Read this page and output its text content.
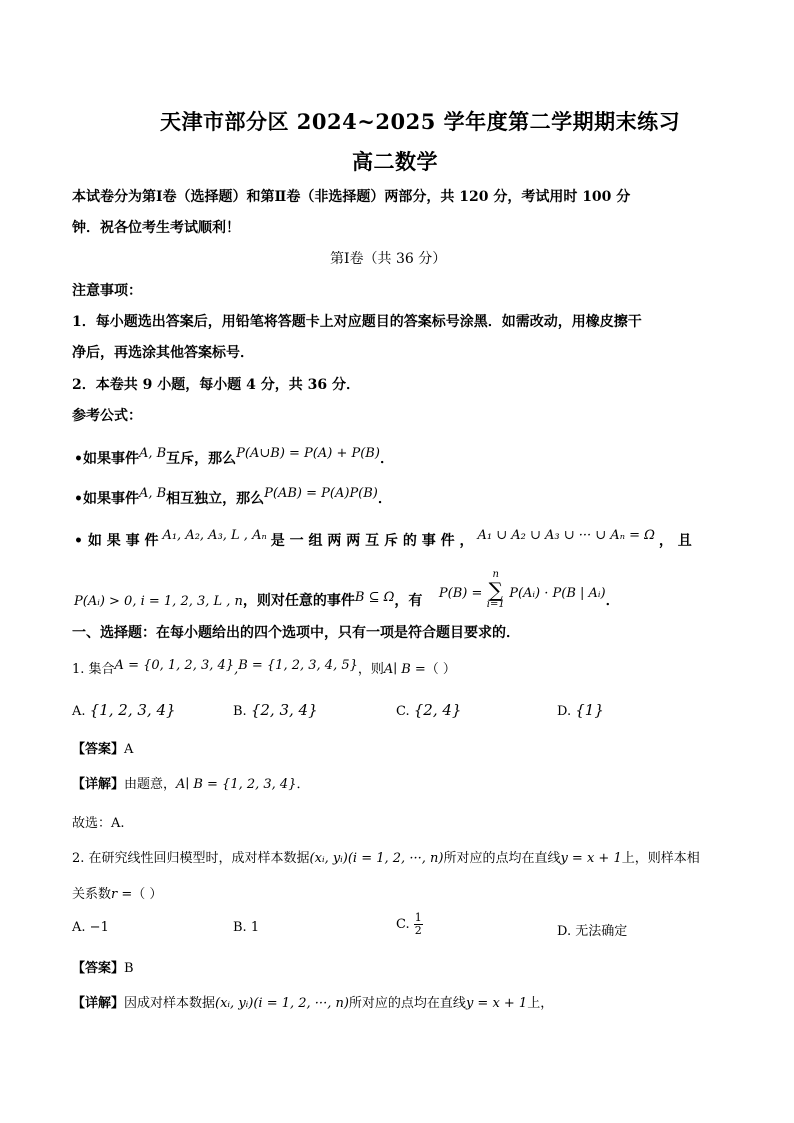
天津市部分区 2024~2025 学年度第二学期期末练习
高二数学
本试卷分为第Ⅰ卷（选择题）和第Ⅱ卷（非选择题）两部分，共 120 分，考试用时 100 分
钟．祝各位考生考试顺利！
第Ⅰ卷（共 36 分）
注意事项：
1．每小题选出答案后，用铅笔将答题卡上对应题目的答案标号涂黑．如需改动，用橡皮擦干
净后，再选涂其他答案标号．
2．本卷共 9 小题，每小题 4 分，共 36 分．
参考公式：
•如果事件A, B互斥，那么P(A∪B) = P(A) + P(B)．
•如果事件A, B相互独立，那么P(AB) = P(A)P(B)．
• 如 果 事 件 A₁, A₂, A₃, L , Aₙ 是 一 组 两 两 互 斥 的 事 件 ， A₁ ∪ A₂ ∪ A₃ ∪ ··· ∪ Aₙ = Ω ， 且
P(Aᵢ) > 0, i = 1, 2, 3, L , n，则对任意的事件B ⊆ Ω，有 P(B) = n
∑
i=1 P(Aᵢ) · P(B | Aᵢ)．
一、选择题：在每小题给出的四个选项中，只有一项是符合题目要求的．
1. 集合A = {0, 1, 2, 3, 4},B = {1, 2, 3, 4, 5}，则A∣ B =（ ）
A. {1, 2, 3, 4}	B. {2, 3, 4}	C. {2, 4}	D. {1}
【答案】A
【详解】由题意，A∣ B = {1, 2, 3, 4}．
故选：A.
2. 在研究线性回归模型时，成对样本数据(xᵢ, yᵢ)(i = 1, 2, ···, n)所对应的点均在直线y = x + 1上，则样本相
关系数r =（ ）
A. −1	B. 1	C. $\frac{1}{2}$	D. 无法确定
【答案】B
【详解】因成对样本数据(xᵢ, yᵢ)(i = 1, 2, ···, n)所对应的点均在直线y = x + 1上，
